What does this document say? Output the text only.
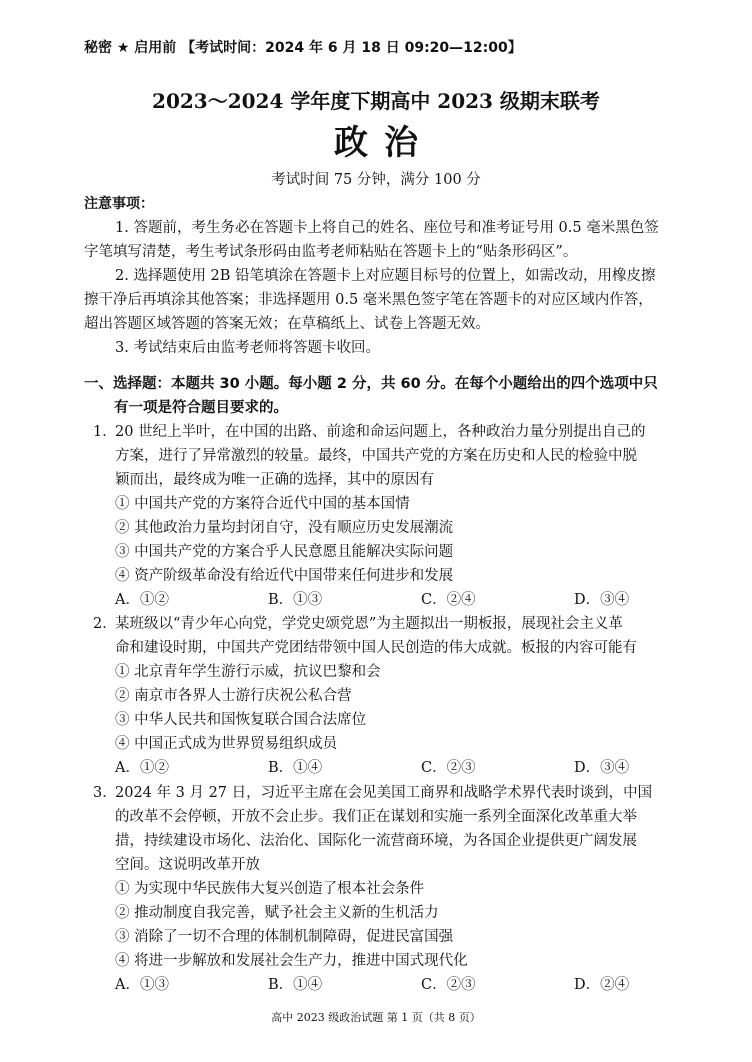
秘密 ★ 启用前 【考试时间：2024 年 6 月 18 日 09:20—12:00】
2023～2024 学年度下期高中 2023 级期末联考
政治
考试时间 75 分钟，满分 100 分
注意事项：
1. 答题前，考生务必在答题卡上将自己的姓名、座位号和准考证号用 0.5 毫米黑色签
字笔填写清楚，考生考试条形码由监考老师粘贴在答题卡上的“贴条形码区”。
2. 选择题使用 2B 铅笔填涂在答题卡上对应题目标号的位置上，如需改动，用橡皮擦
擦干净后再填涂其他答案；非选择题用 0.5 毫米黑色签字笔在答题卡的对应区域内作答，
超出答题区域答题的答案无效；在草稿纸上、试卷上答题无效。
3. 考试结束后由监考老师将答题卡收回。
一、选择题：本题共 30 小题。每小题 2 分，共 60 分。在每个小题给出的四个选项中只
有一项是符合题目要求的。
1．
20 世纪上半叶，在中国的出路、前途和命运问题上，各种政治力量分别提出自己的
方案，进行了异常激烈的较量。最终，中国共产党的方案在历史和人民的检验中脱
颖而出，最终成为唯一正确的选择，其中的原因有
① 中国共产党的方案符合近代中国的基本国情
② 其他政治力量均封闭自守，没有顺应历史发展潮流
③ 中国共产党的方案合乎人民意愿且能解决实际问题
④ 资产阶级革命没有给近代中国带来任何进步和发展
A．①②	B．①③	C．②④	D．③④
2．
某班级以“青少年心向党，学党史颂党恩”为主题拟出一期板报，展现社会主义革
命和建设时期，中国共产党团结带领中国人民创造的伟大成就。板报的内容可能有
① 北京青年学生游行示威，抗议巴黎和会
② 南京市各界人士游行庆祝公私合营
③ 中华人民共和国恢复联合国合法席位
④ 中国正式成为世界贸易组织成员
A．①②	B．①④	C．②③	D．③④
3．
2024 年 3 月 27 日，习近平主席在会见美国工商界和战略学术界代表时谈到，中国
的改革不会停顿，开放不会止步。我们正在谋划和实施一系列全面深化改革重大举
措，持续建设市场化、法治化、国际化一流营商环境，为各国企业提供更广阔发展
空间。这说明改革开放
① 为实现中华民族伟大复兴创造了根本社会条件
② 推动制度自我完善，赋予社会主义新的生机活力
③ 消除了一切不合理的体制机制障碍，促进民富国强
④ 将进一步解放和发展社会生产力，推进中国式现代化
A．①③	B．①④	C．②③	D．②④
高中 2023 级政治试题 第 1 页（共 8 页）
